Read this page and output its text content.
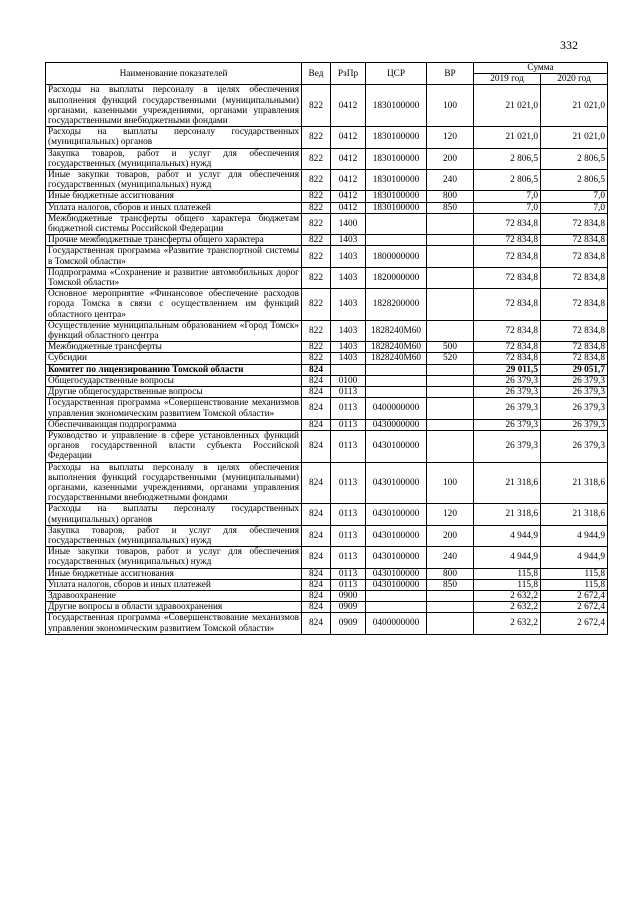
332
Наименование показателей	Вед	РзПр	ЦСР	ВР	Сумма	
					2019 год	2020 год
Расходы на выплаты персоналу в целях обеспечения выполнения функций государственными (муниципальными) органами, казенными учреждениями, органами управления государственными внебюджетными фондами	822	0412	1830100000	100	21 021,0	21 021,0
Расходы на выплаты персоналу государственных (муниципальных) органов	822	0412	1830100000	120	21 021,0	21 021,0
Закупка товаров, работ и услуг для обеспечения государственных (муниципальных) нужд	822	0412	1830100000	200	2 806,5	2 806,5
Иные закупки товаров, работ и услуг для обеспечения государственных (муниципальных) нужд	822	0412	1830100000	240	2 806,5	2 806,5
Иные бюджетные ассигнования	822	0412	1830100000	800	7,0	7,0
Уплата налогов, сборов и иных платежей	822	0412	1830100000	850	7,0	7,0
Межбюджетные трансферты общего характера бюджетам бюджетной системы Российской Федерации	822	1400			72 834,8	72 834,8
Прочие межбюджетные трансферты общего характера	822	1403			72 834,8	72 834,8
Государственная программа «Развитие транспортной системы в Томской области»	822	1403	1800000000		72 834,8	72 834,8
Подпрограмма «Сохранение и развитие автомобильных дорог Томской области»	822	1403	1820000000		72 834,8	72 834,8
Основное мероприятие «Финансовое обеспечение расходов города Томска в связи с осуществлением им функций областного центра»	822	1403	1828200000		72 834,8	72 834,8
Осуществление муниципальным образованием «Город Томск» функций областного центра	822	1403	1828240М60		72 834,8	72 834,8
Межбюджетные трансферты	822	1403	1828240М60	500	72 834,8	72 834,8
Субсидии	822	1403	1828240М60	520	72 834,8	72 834,8
Комитет по лицензированию Томской области	824				29 011,5	29 051,7
Общегосударственные вопросы	824	0100			26 379,3	26 379,3
Другие общегосударственные вопросы	824	0113			26 379,3	26 379,3
Государственная программа «Совершенствование механизмов управления экономическим развитием Томской области»	824	0113	0400000000		26 379,3	26 379,3
Обеспечивающая подпрограмма	824	0113	0430000000		26 379,3	26 379,3
Руководство и управление в сфере установленных функций органов государственной власти субъекта Российской Федерации	824	0113	0430100000		26 379,3	26 379,3
Расходы на выплаты персоналу в целях обеспечения выполнения функций государственными (муниципальными) органами, казенными учреждениями, органами управления государственными внебюджетными фондами	824	0113	0430100000	100	21 318,6	21 318,6
Расходы на выплаты персоналу государственных (муниципальных) органов	824	0113	0430100000	120	21 318,6	21 318,6
Закупка товаров, работ и услуг для обеспечения государственных (муниципальных) нужд	824	0113	0430100000	200	4 944,9	4 944,9
Иные закупки товаров, работ и услуг для обеспечения государственных (муниципальных) нужд	824	0113	0430100000	240	4 944,9	4 944,9
Иные бюджетные ассигнования	824	0113	0430100000	800	115,8	115,8
Уплата налогов, сборов и иных платежей	824	0113	0430100000	850	115,8	115,8
Здравоохранение	824	0900			2 632,2	2 672,4
Другие вопросы в области здравоохранения	824	0909			2 632,2	2 672,4
Государственная программа «Совершенствование механизмов управления экономическим развитием Томской области»	824	0909	0400000000		2 632,2	2 672,4
